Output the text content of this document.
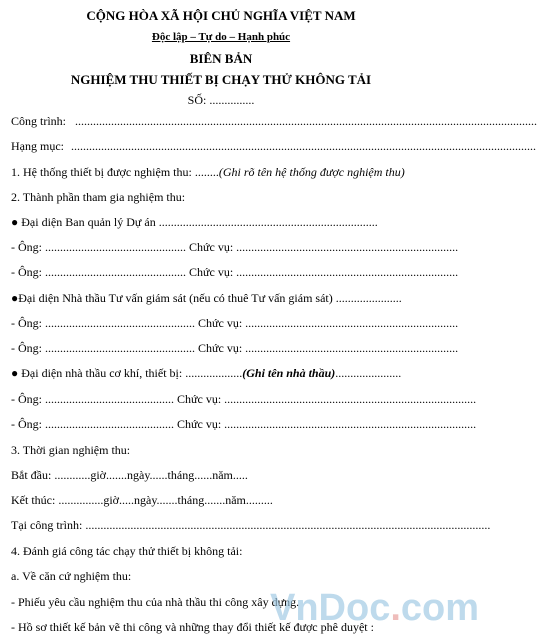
CỘNG HÒA XÃ HỘI CHỦ NGHĨA VIỆT NAM
Độc lập – Tự do – Hạnh phúc
BIÊN BẢN
NGHIỆM THU THIẾT BỊ CHẠY THỬ KHÔNG TẢI
SỐ: ...............
Công trình: ..........................................................................................................................................................
Hạng mục: ...........................................................................................................................................................
1. Hệ thống thiết bị được nghiệm thu: ........(Ghi rõ tên hệ thống được nghiệm thu)
2. Thành phần tham gia nghiệm thu:
● Đại diện Ban quản lý Dự án .........................................................................
- Ông: ............................................... Chức vụ: ..........................................................................
- Ông: ............................................... Chức vụ: ..........................................................................
●Đại diện Nhà thầu Tư vấn giám sát (nếu có thuê Tư vấn giám sát) ......................
- Ông: .................................................. Chức vụ: .......................................................................
- Ông: .................................................. Chức vụ: .......................................................................
● Đại diện nhà thầu cơ khí, thiết bị: ...................(Ghi tên nhà thầu)......................
- Ông: ........................................... Chức vụ: ....................................................................................
- Ông: ........................................... Chức vụ: ....................................................................................
3. Thời gian nghiệm thu:
Bắt đầu: ............giờ.......ngày......tháng......năm.....
Kết thúc: ...............giờ.....ngày.......tháng.......năm.........
Tại công trình: .......................................................................................................................................
4. Đánh giá công tác chạy thử thiết bị không tải:
a. Về căn cứ nghiệm thu:
- Phiếu yêu cầu nghiệm thu của nhà thầu thi công xây dựng.
- Hồ sơ thiết kế bản vẽ thi công và những thay đổi thiết kế được phê duyệt :
VnDoc.com
